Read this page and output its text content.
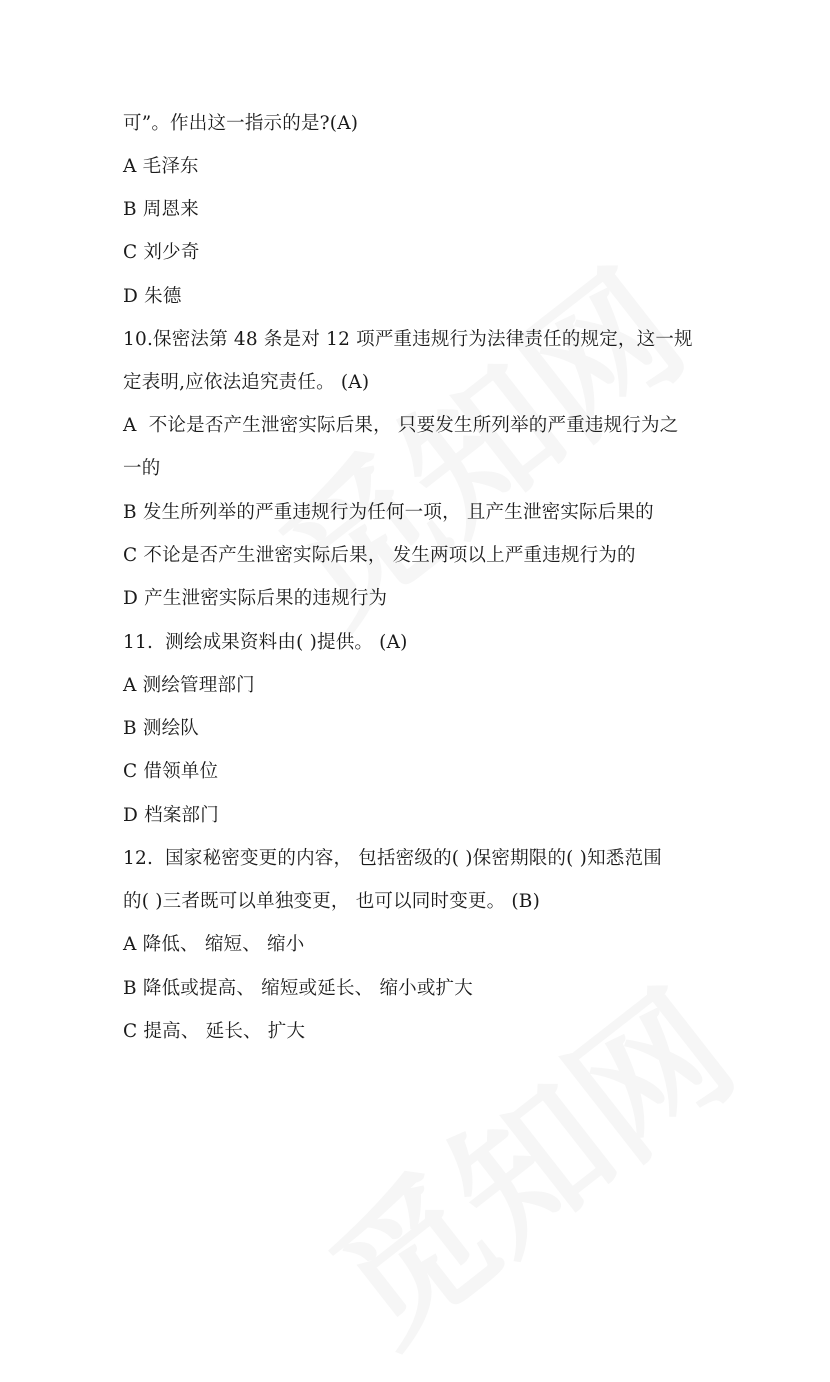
可”。作出这一指示的是?(A)
A 毛泽东
B 周恩来
C 刘少奇
D 朱德
10.保密法第 48 条是对 12 项严重违规行为法律责任的规定，这一规
定表明,应依法追究责任。 (A)
A  不论是否产生泄密实际后果， 只要发生所列举的严重违规行为之
一的
B 发生所列举的严重违规行为任何一项， 且产生泄密实际后果的
C 不论是否产生泄密实际后果， 发生两项以上严重违规行为的
D 产生泄密实际后果的违规行为
11.  测绘成果资料由( )提供。 (A)
A 测绘管理部门
B 测绘队
C 借领单位
D 档案部门
12.  国家秘密变更的内容， 包括密级的( )保密期限的( )知悉范围
的( )三者既可以单独变更， 也可以同时变更。 (B)
A 降低、 缩短、 缩小
B 降低或提高、 缩短或延长、 缩小或扩大
C 提高、 延长、 扩大
